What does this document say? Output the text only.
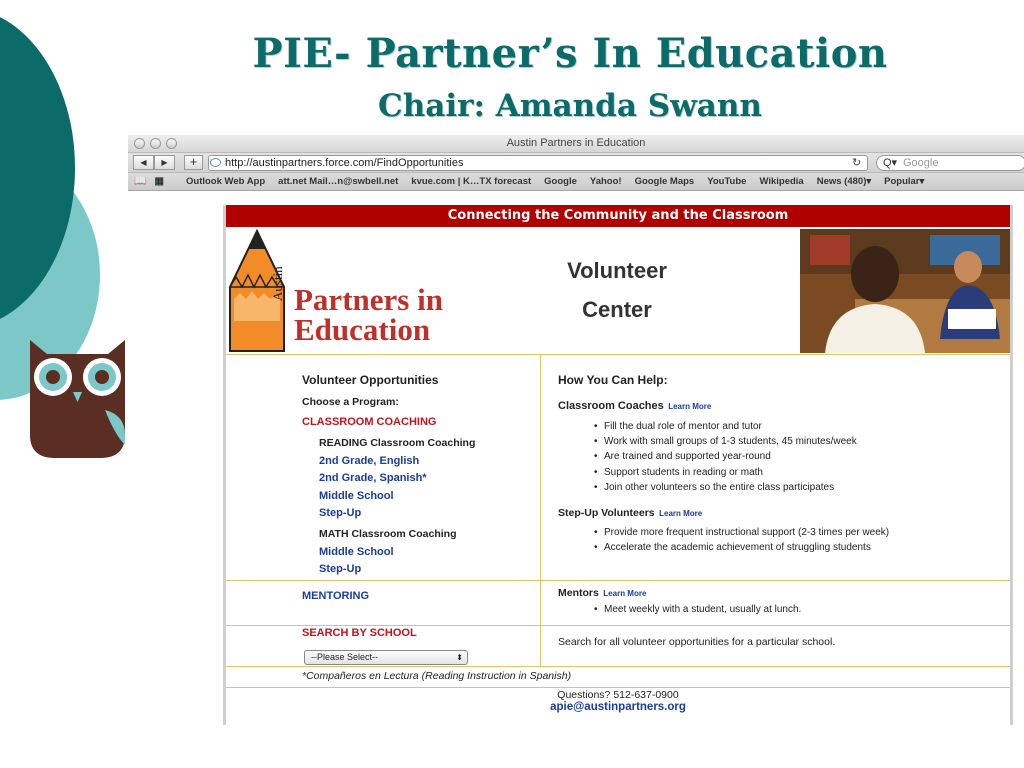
PIE- Partner’s In Education
Chair: Amanda Swann
Austin Partners in Education
◀	▶	+	http://austinpartners.force.com/FindOpportunities	↻	Google
Q▾
📖▦ Outlook Web App att.net Mail…n@swbell.net kvue.com | K…TX forecast Google Yahoo! Google Maps YouTube Wikipedia News (480)▾ Popular▾
Connecting the Community and the Classroom
Austin Partners in
Education
Volunteer
Center
Volunteer Opportunities
Choose a Program:
CLASSROOM COACHING
READING Classroom Coaching
2nd Grade, English
2nd Grade, Spanish*
Middle School
Step-Up
MATH Classroom Coaching
Middle School
Step-Up
How You Can Help:
Classroom Coaches Learn More
• Fill the dual role of mentor and tutor
• Work with small groups of 1-3 students, 45 minutes/week
• Are trained and supported year-round
• Support students in reading or math
• Join other volunteers so the entire class participates
Step-Up Volunteers Learn More
• Provide more frequent instructional support (2-3 times per week)
• Accelerate the academic achievement of struggling students
MENTORING	Mentors Learn More
• Meet weekly with a student, usually at lunch.
SEARCH BY SCHOOL
--Please Select--	⬍
Search for all volunteer opportunities for a particular school.
*Compañeros en Lectura (Reading Instruction in Spanish)
Questions? 512-637-0900
apie@austinpartners.org
